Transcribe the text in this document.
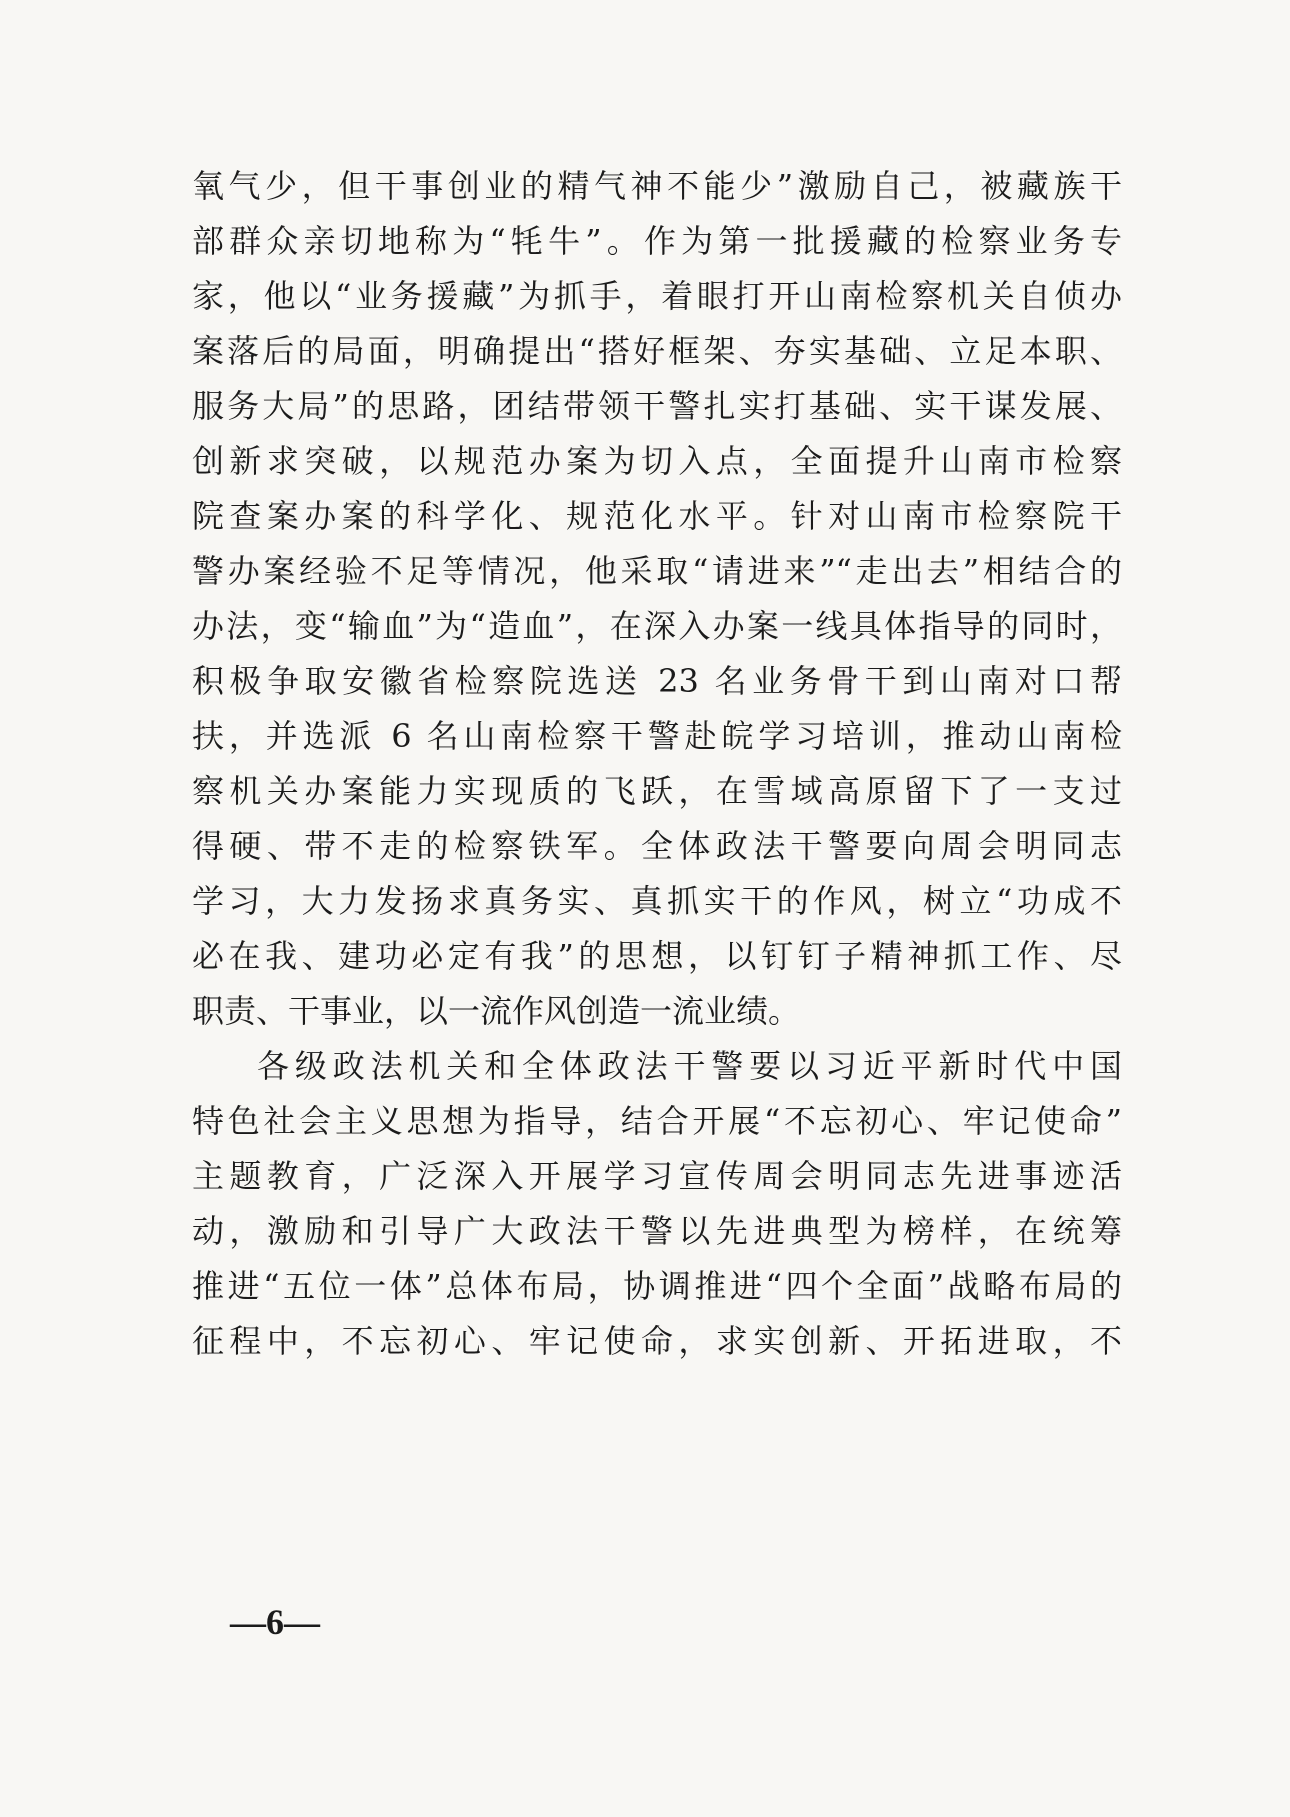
氧气少，但干事创业的精气神不能少”激励自己，被藏族干
部群众亲切地称为“牦牛”。作为第一批援藏的检察业务专
家，他以“业务援藏”为抓手，着眼打开山南检察机关自侦办
案落后的局面，明确提出“搭好框架、夯实基础、立足本职、
服务大局”的思路，团结带领干警扎实打基础、实干谋发展、
创新求突破，以规范办案为切入点，全面提升山南市检察
院查案办案的科学化、规范化水平。针对山南市检察院干
警办案经验不足等情况，他采取“请进来”“走出去”相结合的
办法，变“输血”为“造血”，在深入办案一线具体指导的同时，
积极争取安徽省检察院选送 23 名业务骨干到山南对口帮
扶，并选派 6 名山南检察干警赴皖学习培训，推动山南检
察机关办案能力实现质的飞跃，在雪域高原留下了一支过
得硬、带不走的检察铁军。全体政法干警要向周会明同志
学习，大力发扬求真务实、真抓实干的作风，树立“功成不
必在我、建功必定有我”的思想，以钉钉子精神抓工作、尽
职责、干事业，以一流作风创造一流业绩。
各级政法机关和全体政法干警要以习近平新时代中国
特色社会主义思想为指导，结合开展“不忘初心、牢记使命”
主题教育，广泛深入开展学习宣传周会明同志先进事迹活
动，激励和引导广大政法干警以先进典型为榜样，在统筹
推进“五位一体”总体布局，协调推进“四个全面”战略布局的
征程中，不忘初心、牢记使命，求实创新、开拓进取，不
—6—
